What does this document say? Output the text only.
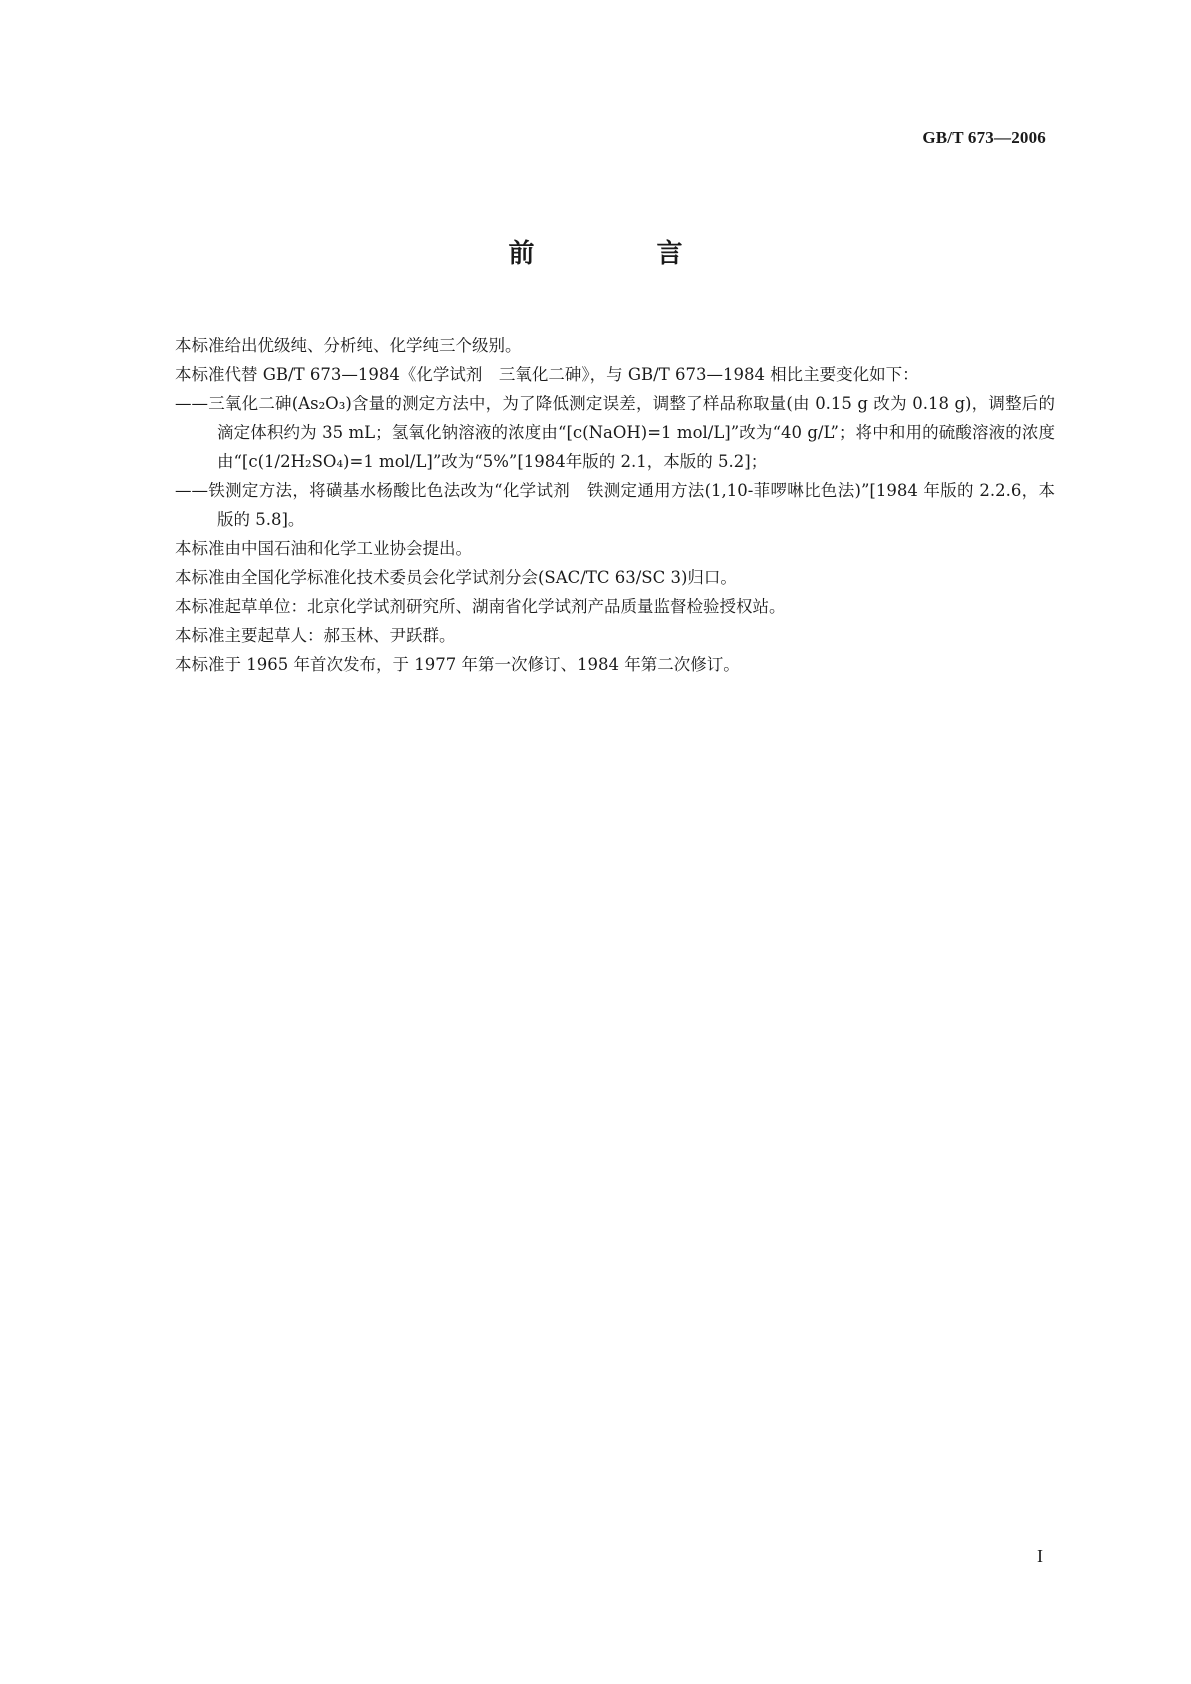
GB/T 673—2006
前　言

本标准给出优级纯、分析纯、化学纯三个级别。

本标准代替 GB/T 673—1984《化学试剂　三氧化二砷》，与 GB/T 673—1984 相比主要变化如下：

——三氧化二砷(As₂O₃)含量的测定方法中，为了降低测定误差，调整了样品称取量(由 0.15 g 改为 0.18 g)，调整后的滴定体积约为 35 mL；氢氧化钠溶液的浓度由“[c(NaOH)=1 mol/L]”改为“40 g/L”；将中和用的硫酸溶液的浓度由“[c(1/2H₂SO₄)=1 mol/L]”改为“5%”[1984年版的 2.1，本版的 5.2]；

——铁测定方法，将磺基水杨酸比色法改为“化学试剂　铁测定通用方法(1,10-菲啰啉比色法)”[1984 年版的 2.2.6，本版的 5.8]。

本标准由中国石油和化学工业协会提出。

本标准由全国化学标准化技术委员会化学试剂分会(SAC/TC 63/SC 3)归口。

本标准起草单位：北京化学试剂研究所、湖南省化学试剂产品质量监督检验授权站。

本标准主要起草人：郝玉林、尹跃群。

本标准于 1965 年首次发布，于 1977 年第一次修订、1984 年第二次修订。

I
